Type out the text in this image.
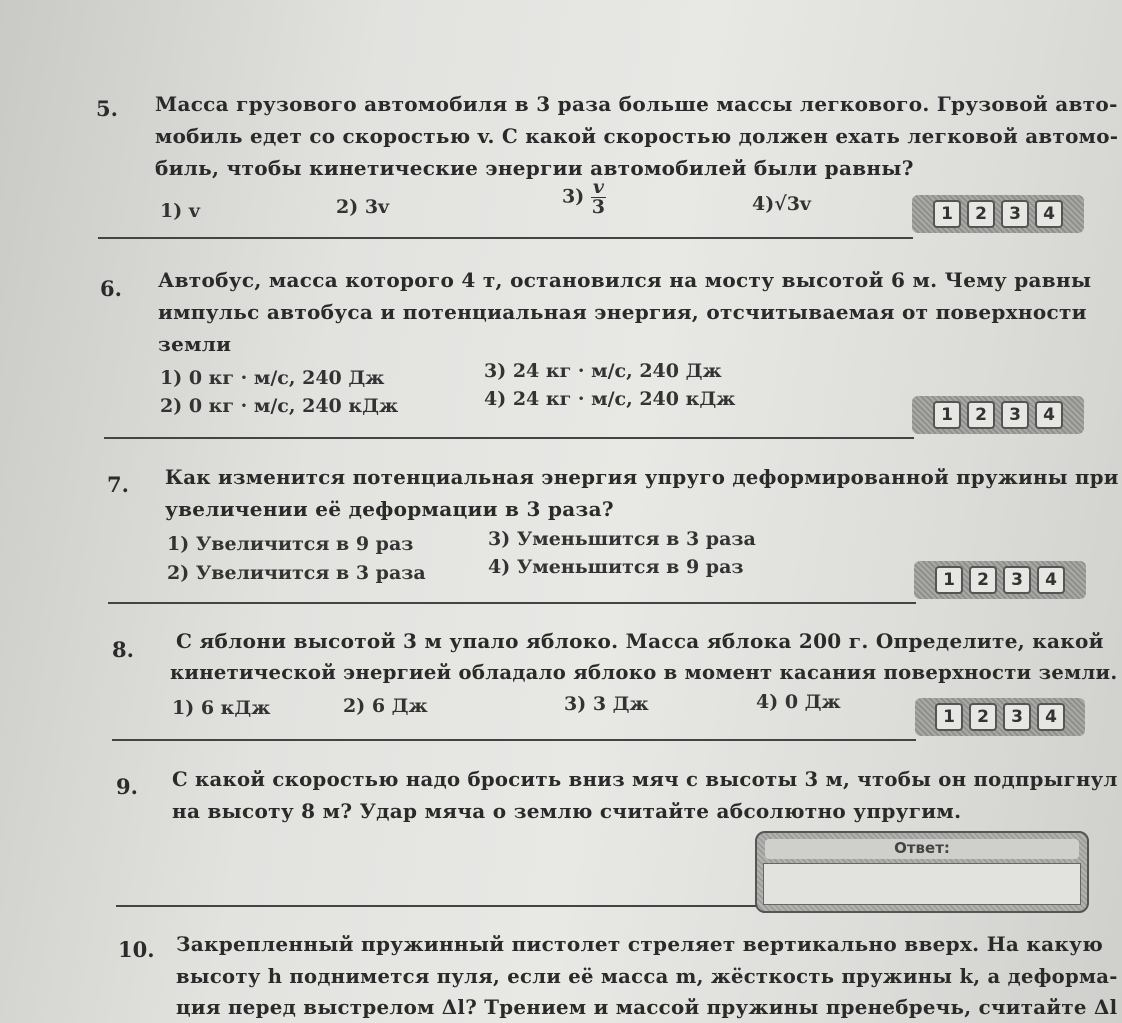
5. Масса грузового автомобиля в 3 раза больше массы легкового. Грузовой авто-
мобиль едет со скоростью v. С какой скоростью должен ехать легковой автомо-
биль, чтобы кинетические энергии автомобилей были равны?
1) v	2) 3v	$3) \frac{v}{3}$	4)√3v	1	2	3	4
6. Автобус, масса которого 4 т, остановился на мосту высотой 6 м. Чему равны
импульс автобуса и потенциальная энергия, отсчитываемая от поверхности
земли
1) 0 кг · м/с, 240 Дж
2) 0 кг · м/с, 240 кДж
3) 24 кг · м/с, 240 Дж
4) 24 кг · м/с, 240 кДж
1	2	3	4
7. Как изменится потенциальная энергия упруго деформированной пружины при
увеличении её деформации в 3 раза?
1) Увеличится в 9 раз
2) Увеличится в 3 раза
3) Уменьшится в 3 раза
4) Уменьшится в 9 раз
1	2	3	4
8. С яблони высотой 3 м упало яблоко. Масса яблока 200 г. Определите, какой
кинетической энергией обладало яблоко в момент касания поверхности земли.
1) 6 кДж	2) 6 Дж	3) 3 Дж	4) 0 Дж
1	2	3	4
9. С какой скоростью надо бросить вниз мяч с высоты 3 м, чтобы он подпрыгнул
на высоту 8 м? Удар мяча о землю считайте абсолютно упругим.
Ответ:
10. Закрепленный пружинный пистолет стреляет вертикально вверх. На какую
высоту h поднимется пуля, если её масса m, жёсткость пружины k, а деформа-
ция перед выстрелом Δl? Трением и массой пружины пренебречь, считайте Δl
